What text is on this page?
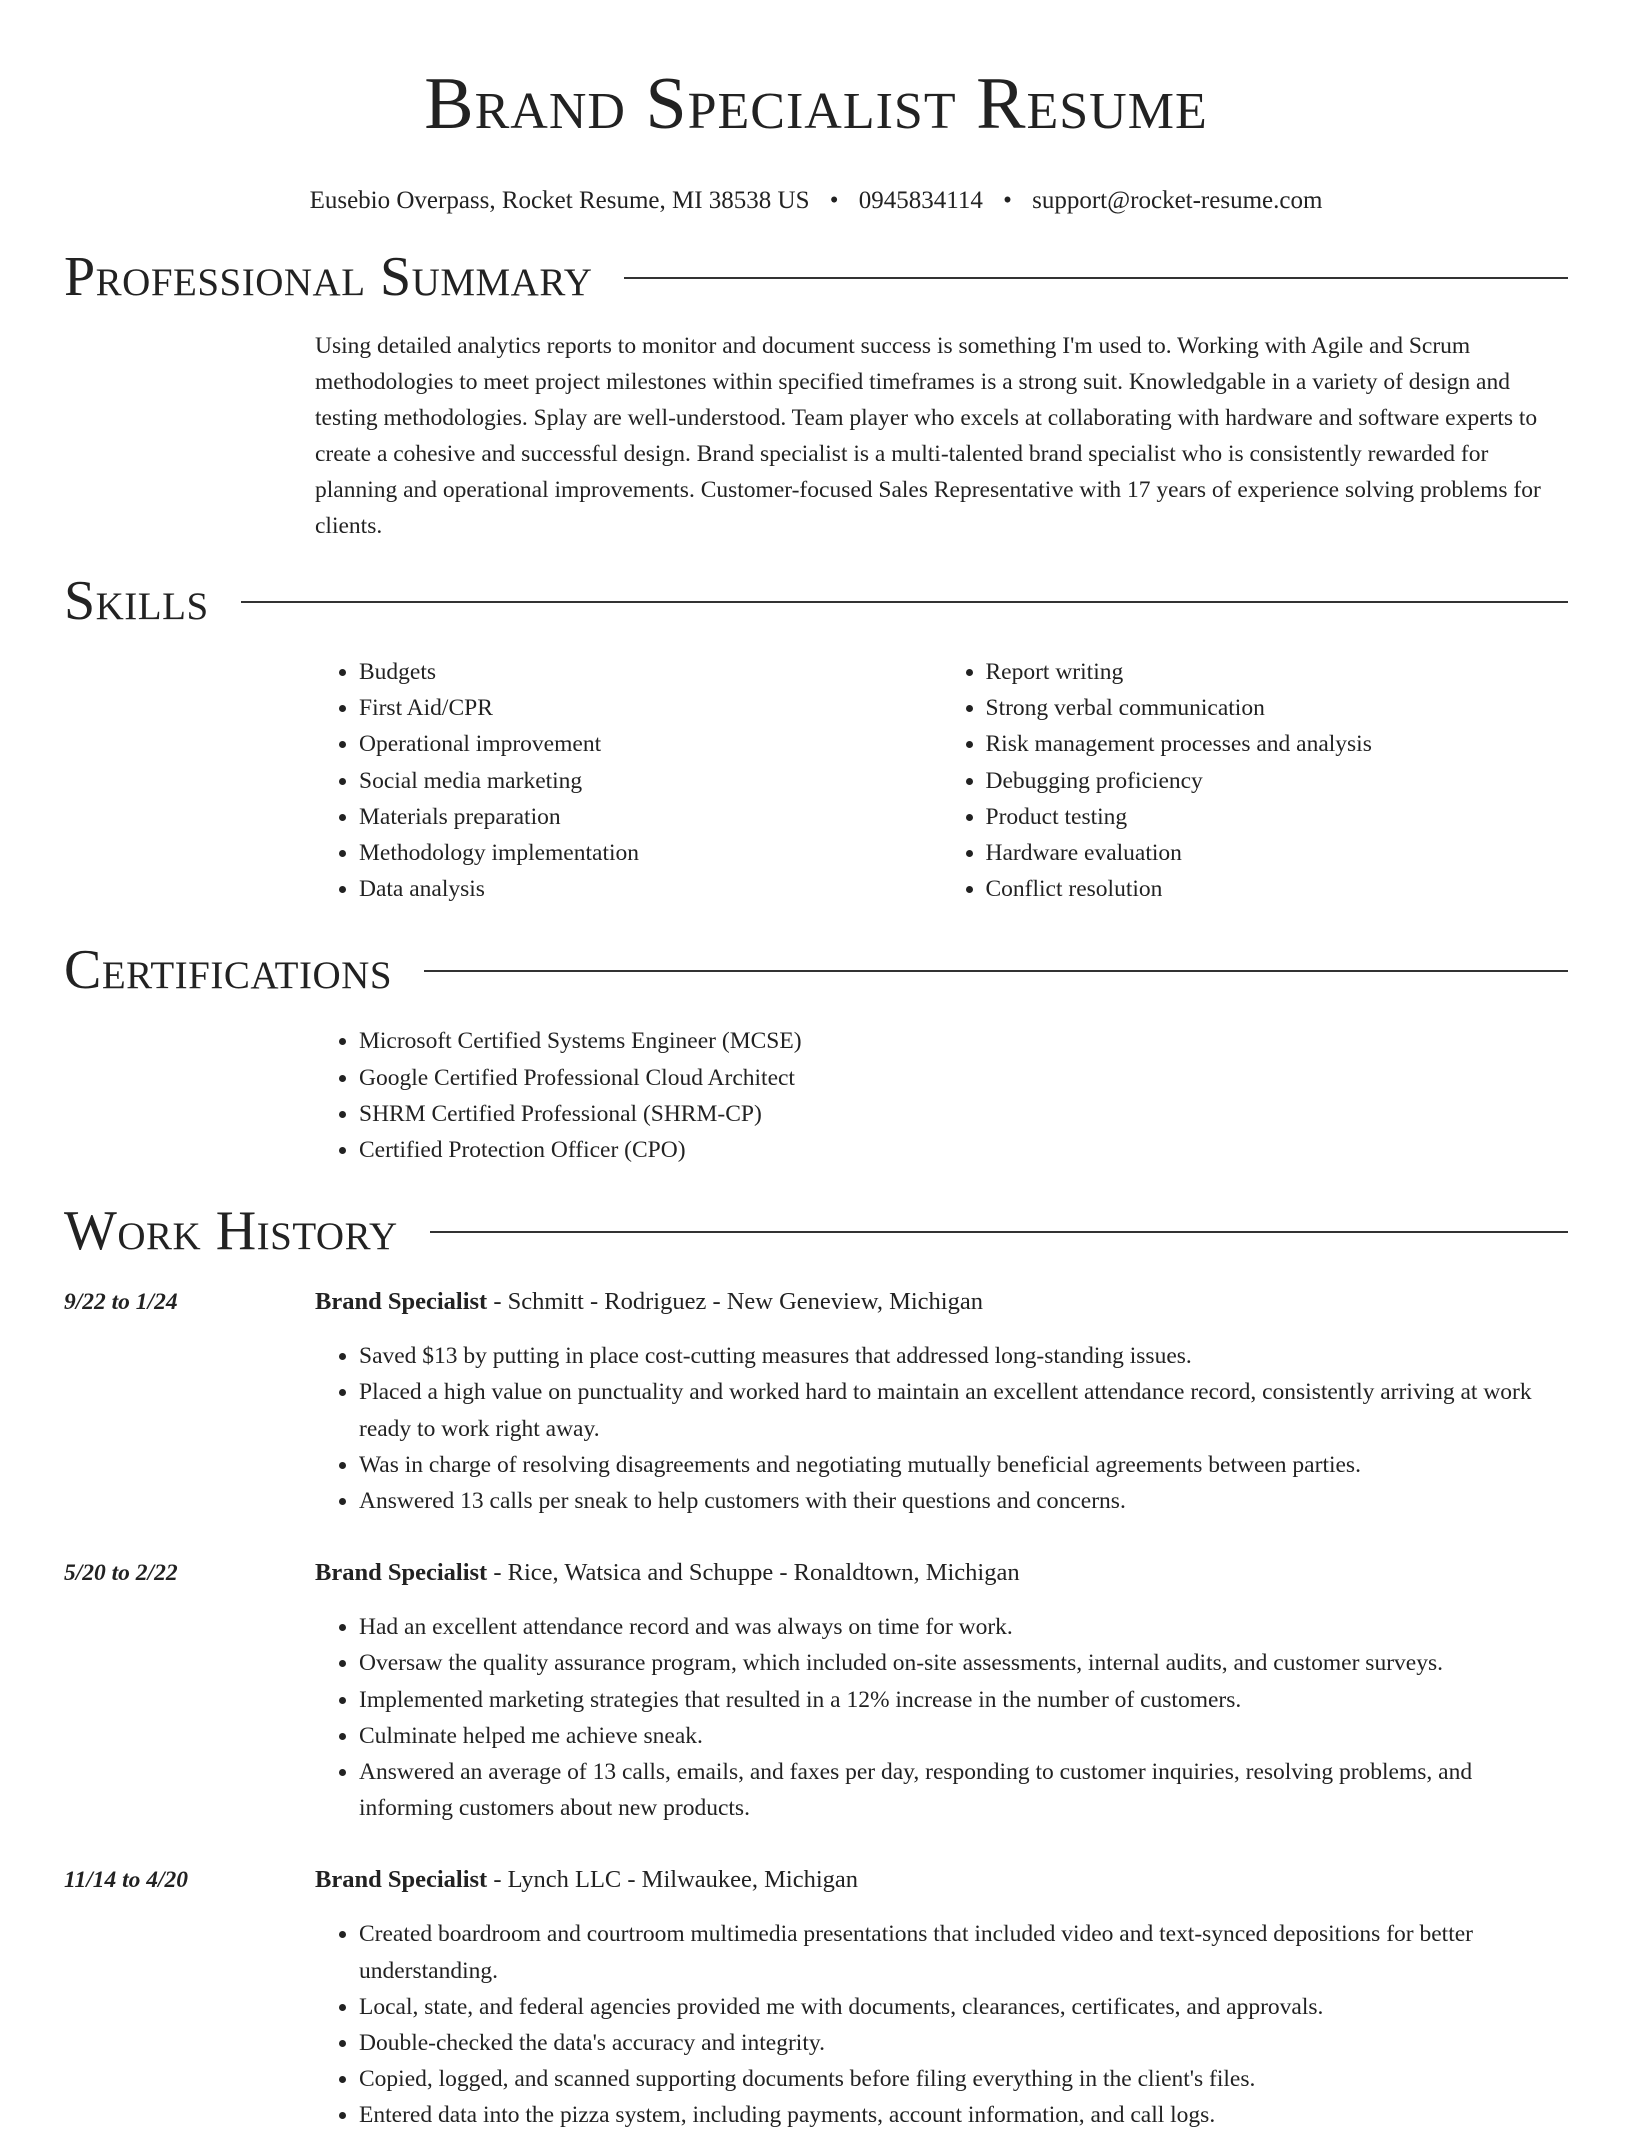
Brand Specialist Resume
Eusebio Overpass, Rocket Resume, MI 38538 US • 0945834114 • support@rocket-resume.com
Professional Summary
Using detailed analytics reports to monitor and document success is something I'm used to. Working with Agile and Scrum methodologies to meet project milestones within specified timeframes is a strong suit. Knowledgable in a variety of design and testing methodologies. Splay are well-understood. Team player who excels at collaborating with hardware and software experts to create a cohesive and successful design. Brand specialist is a multi-talented brand specialist who is consistently rewarded for planning and operational improvements. Customer-focused Sales Representative with 17 years of experience solving problems for clients.
Skills
• Budgets
• First Aid/CPR
• Operational improvement
• Social media marketing
• Materials preparation
• Methodology implementation
• Data analysis
• Report writing
• Strong verbal communication
• Risk management processes and analysis
• Debugging proficiency
• Product testing
• Hardware evaluation
• Conflict resolution
Certifications
• Microsoft Certified Systems Engineer (MCSE)
• Google Certified Professional Cloud Architect
• SHRM Certified Professional (SHRM-CP)
• Certified Protection Officer (CPO)
Work History
9/22 to 1/24	Brand Specialist - Schmitt - Rodriguez - New Geneview, Michigan
• Saved $13 by putting in place cost-cutting measures that addressed long-standing issues.
• Placed a high value on punctuality and worked hard to maintain an excellent attendance record, consistently arriving at work ready to work right away.
• Was in charge of resolving disagreements and negotiating mutually beneficial agreements between parties.
• Answered 13 calls per sneak to help customers with their questions and concerns.
5/20 to 2/22	Brand Specialist - Rice, Watsica and Schuppe - Ronaldtown, Michigan
• Had an excellent attendance record and was always on time for work.
• Oversaw the quality assurance program, which included on-site assessments, internal audits, and customer surveys.
• Implemented marketing strategies that resulted in a 12% increase in the number of customers.
• Culminate helped me achieve sneak.
• Answered an average of 13 calls, emails, and faxes per day, responding to customer inquiries, resolving problems, and informing customers about new products.
11/14 to 4/20	Brand Specialist - Lynch LLC - Milwaukee, Michigan
• Created boardroom and courtroom multimedia presentations that included video and text-synced depositions for better understanding.
• Local, state, and federal agencies provided me with documents, clearances, certificates, and approvals.
• Double-checked the data's accuracy and integrity.
• Copied, logged, and scanned supporting documents before filing everything in the client's files.
• Entered data into the pizza system, including payments, account information, and call logs.
